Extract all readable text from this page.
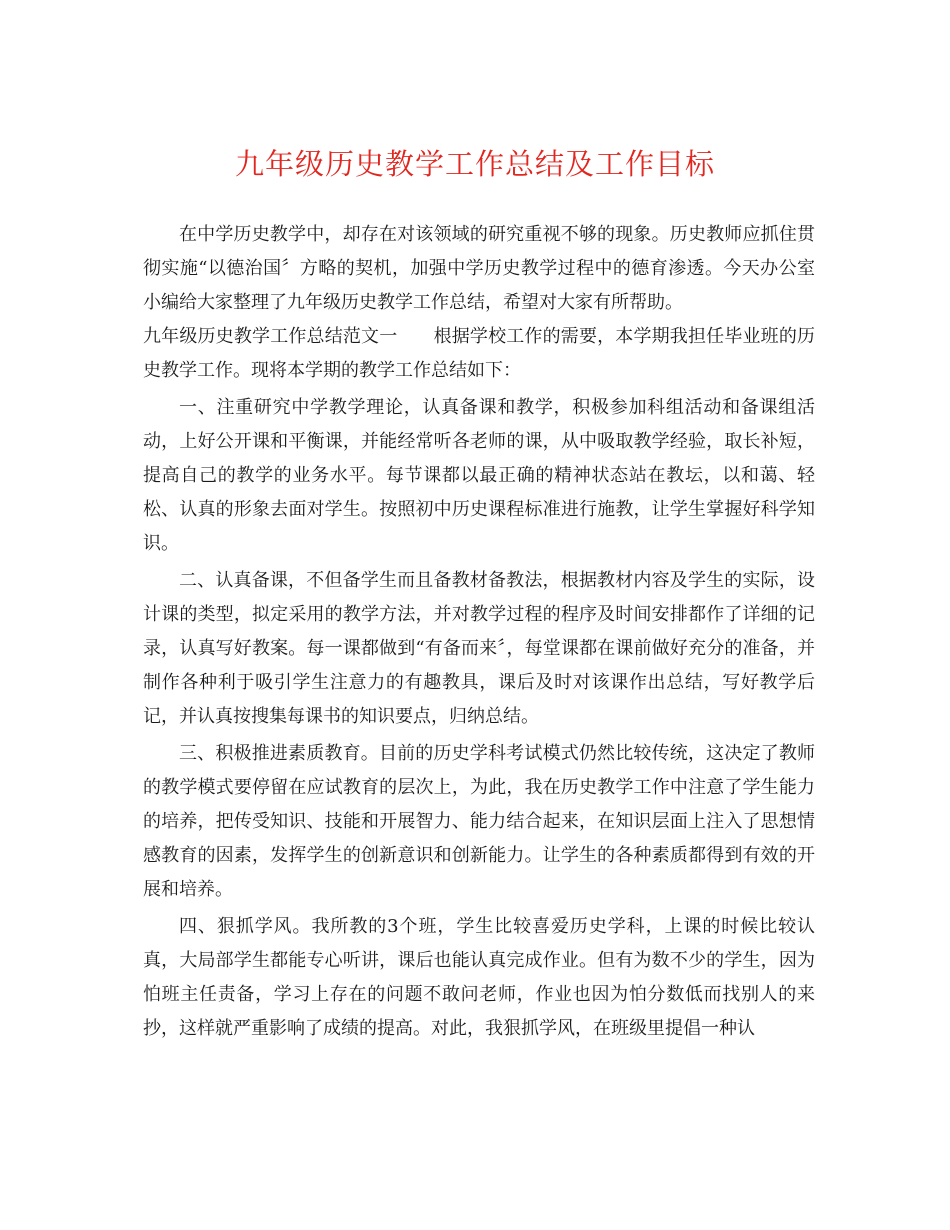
九年级历史教学工作总结及工作目标

在中学历史教学中，却存在对该领域的研究重视不够的现象。历史教师应抓住贯彻实施“以德治国〞方略的契机，加强中学历史教学过程中的德育渗透。今天办公室小编给大家整理了九年级历史教学工作总结，希望对大家有所帮助。

九年级历史教学工作总结范文一 根据学校工作的需要，本学期我担任毕业班的历史教学工作。现将本学期的教学工作总结如下：

一、注重研究中学教学理论，认真备课和教学，积极参加科组活动和备课组活动，上好公开课和平衡课，并能经常听各老师的课，从中吸取教学经验，取长补短，提高自己的教学的业务水平。每节课都以最正确的精神状态站在教坛，以和蔼、轻松、认真的形象去面对学生。按照初中历史课程标准进行施教，让学生掌握好科学知识。

二、认真备课，不但备学生而且备教材备教法，根据教材内容及学生的实际，设计课的类型，拟定采用的教学方法，并对教学过程的程序及时间安排都作了详细的记录，认真写好教案。每一课都做到“有备而来〞，每堂课都在课前做好充分的准备，并制作各种利于吸引学生注意力的有趣教具，课后及时对该课作出总结，写好教学后记，并认真按搜集每课书的知识要点，归纳总结。

三、积极推进素质教育。目前的历史学科考试模式仍然比较传统，这决定了教师的教学模式要停留在应试教育的层次上，为此，我在历史教学工作中注意了学生能力的培养，把传受知识、技能和开展智力、能力结合起来，在知识层面上注入了思想情感教育的因素，发挥学生的创新意识和创新能力。让学生的各种素质都得到有效的开展和培养。

四、狠抓学风。我所教的3个班，学生比较喜爱历史学科，上课的时候比较认真，大局部学生都能专心听讲，课后也能认真完成作业。但有为数不少的学生，因为怕班主任责备，学习上存在的问题不敢问老师，作业也因为怕分数低而找别人的来抄，这样就严重影响了成绩的提高。对此，我狠抓学风，在班级里提倡一种认
